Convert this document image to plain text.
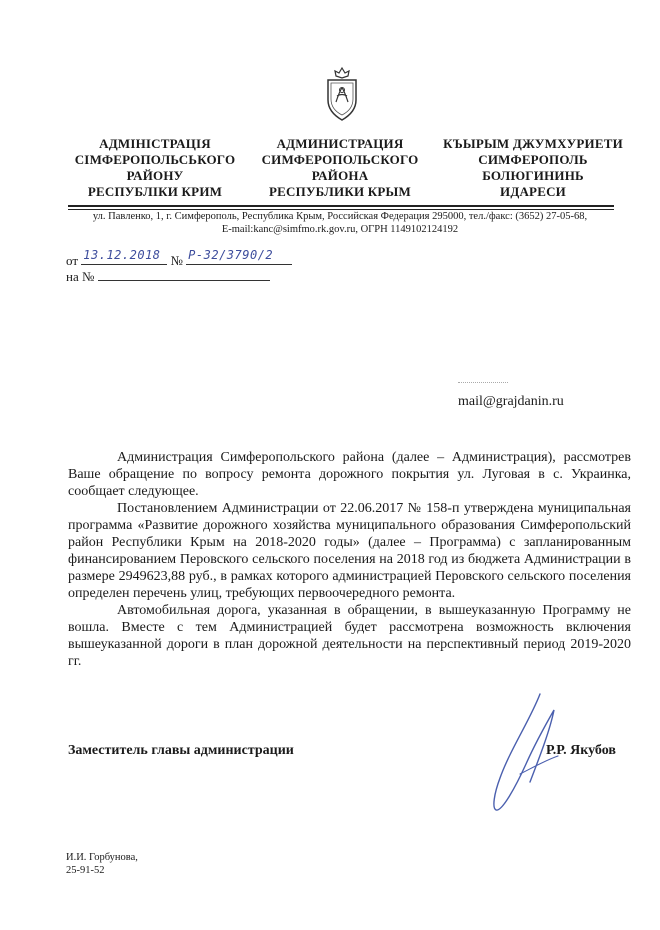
АДМІНІСТРАЦІЯ
СІМФЕРОПОЛЬСЬКОГО
РАЙОНУ
РЕСПУБЛІКИ КРИМ
АДМИНИСТРАЦИЯ
СИМФЕРОПОЛЬСКОГО
РАЙОНА
РЕСПУБЛИКИ КРЫМ
КЪЫРЫМ ДЖУМХУРИЕТИ
СИМФЕРОПОЛЬ
БОЛЮГИНИНЬ
ИДАРЕСИ
ул. Павленко, 1, г. Симферополь, Республика Крым, Российская Федерация 295000, тел./факс: (3652) 27-05-68,
E-mail:kanc@simfmo.rk.gov.ru, ОГРН 1149102124192
от 13.12.2018 № Р-32/3790/2
на №
mail@grajdanin.ru

Администрация Симферопольского района (далее – Администрация), рассмотрев Ваше обращение по вопросу ремонта дорожного покрытия ул. Луговая в с. Украинка, сообщает следующее.

Постановлением Администрации от 22.06.2017 № 158-п утверждена муниципальная программа «Развитие дорожного хозяйства муниципального образования Симферопольский район Республики Крым на 2018-2020 годы» (далее – Программа) с запланированным финансированием Перовского сельского поселения на 2018 год из бюджета Администрации в размере 2949623,88 руб., в рамках которого администрацией Перовского сельского поселения определен перечень улиц, требующих первоочередного ремонта.

Автомобильная дорога, указанная в обращении, в вышеуказанную Программу не вошла. Вместе с тем Администрацией будет рассмотрена возможность включения вышеуказанной дороги в план дорожной деятельности на перспективный период 2019-2020 гг.

Заместитель главы администрации	Р.Р. Якубов
И.И. Горбунова,
25-91-52
